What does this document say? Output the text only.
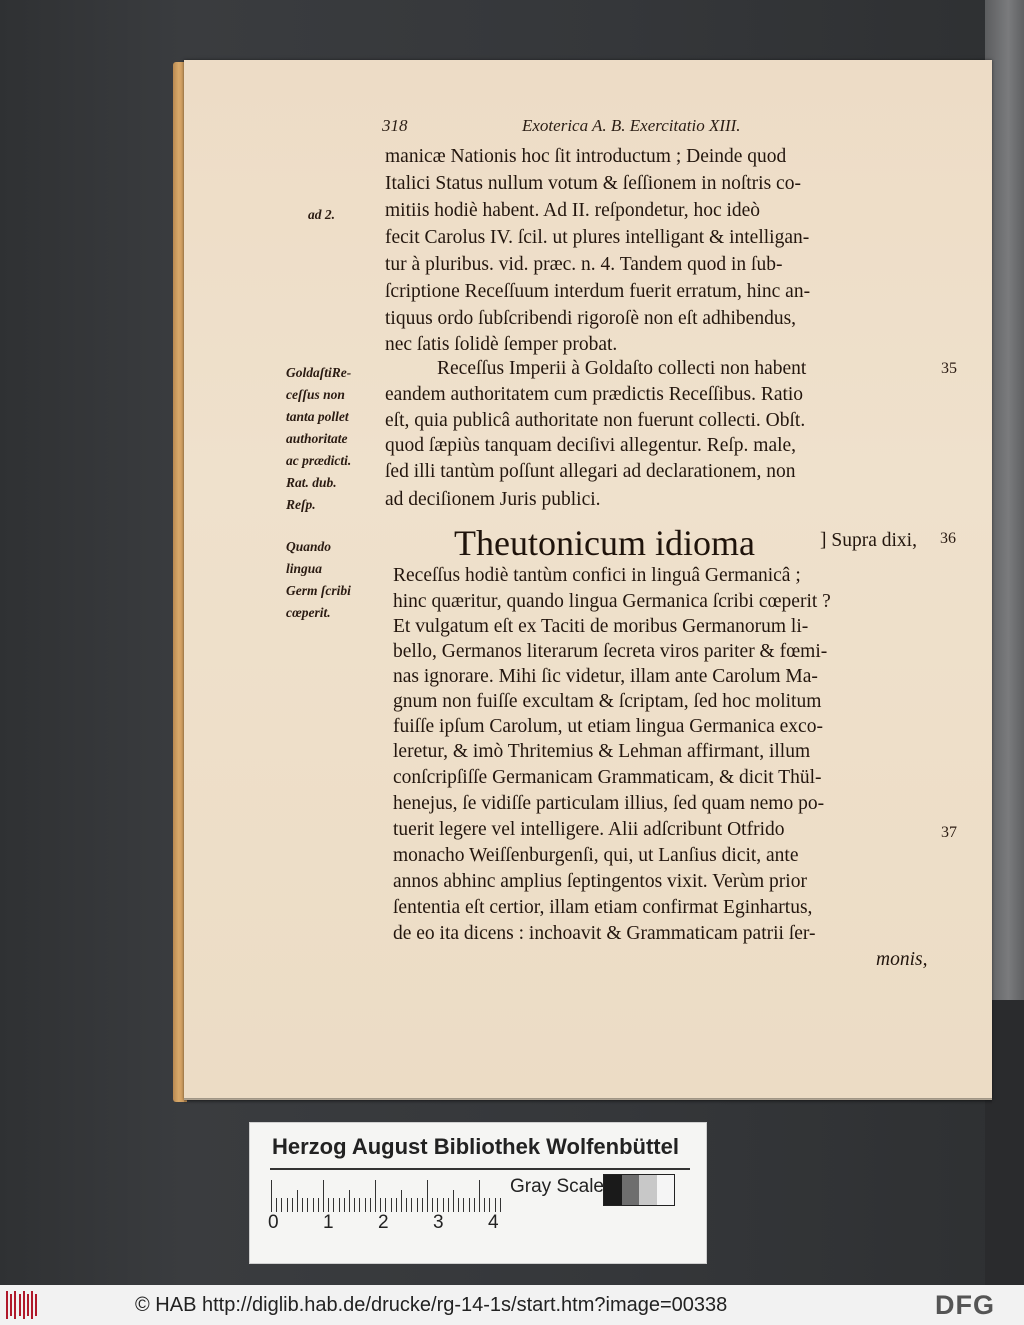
318	Exoterica A. B. Exercitatio XIII.
manicæ Nationis hoc ſit introductum ; Deinde quod
Italici Status nullum votum & ſeſſionem in noſtris co-
mitiis hodiè habent. Ad II. reſpondetur, hoc ideò
fecit Carolus IV. ſcil. ut plures intelligant & intelligan-
tur à pluribus. vid. præc. n. 4. Tandem quod in ſub-
ſcriptione Receſſuum interdum fuerit erratum, hinc an-
tiquus ordo ſubſcribendi rigoroſè non eſt adhibendus,
nec ſatis ſolidè ſemper probat.
Receſſus Imperii à Goldaſto collecti non habent
eandem authoritatem cum prædictis Receſſibus. Ratio
eſt, quia publicâ authoritate non fuerunt collecti. Obſt.
quod ſæpiùs tanquam deciſivi allegentur. Reſp. male,
ſed illi tantùm poſſunt allegari ad declarationem, non
ad deciſionem Juris publici.
ad 2.
GoldaſtiRe-
ceſſus non
tanta pollet
authoritate
ac prædicti.
Rat. dub.
Reſp.
Quando
lingua
Germ ſcribi
cœperit.
35
36
37
Theutonicum idioma	] Supra dixi,
Receſſus hodiè tantùm confici in linguâ Germanicâ ;
hinc quæritur, quando lingua Germanica ſcribi cœperit ?
Et vulgatum eſt ex Taciti de moribus Germanorum li-
bello, Germanos literarum ſecreta viros pariter & fœmi-
nas ignorare. Mihi ſic videtur, illam ante Carolum Ma-
gnum non fuiſſe excultam & ſcriptam, ſed hoc molitum
fuiſſe ipſum Carolum, ut etiam lingua Germanica exco-
leretur, & imò Thritemius & Lehman affirmant, illum
conſcripſiſſe Germanicam Grammaticam, & dicit Thül-
henejus, ſe vidiſſe particulam illius, ſed quam nemo po-
tuerit legere vel intelligere. Alii adſcribunt Otfrido
monacho Weiſſenburgenſi, qui, ut Lanſius dicit, ante
annos abhinc amplius ſeptingentos vixit. Verùm prior
ſententia eſt certior, illam etiam confirmat Eginhartus,
de eo ita dicens : inchoavit & Grammaticam patrii ſer-
monis,
Herzog August Bibliothek Wolfenbüttel
0 1 2 3 4
Gray Scale
© HAB http://diglib.hab.de/drucke/rg-14-1s/start.htm?image=00338	DFG
